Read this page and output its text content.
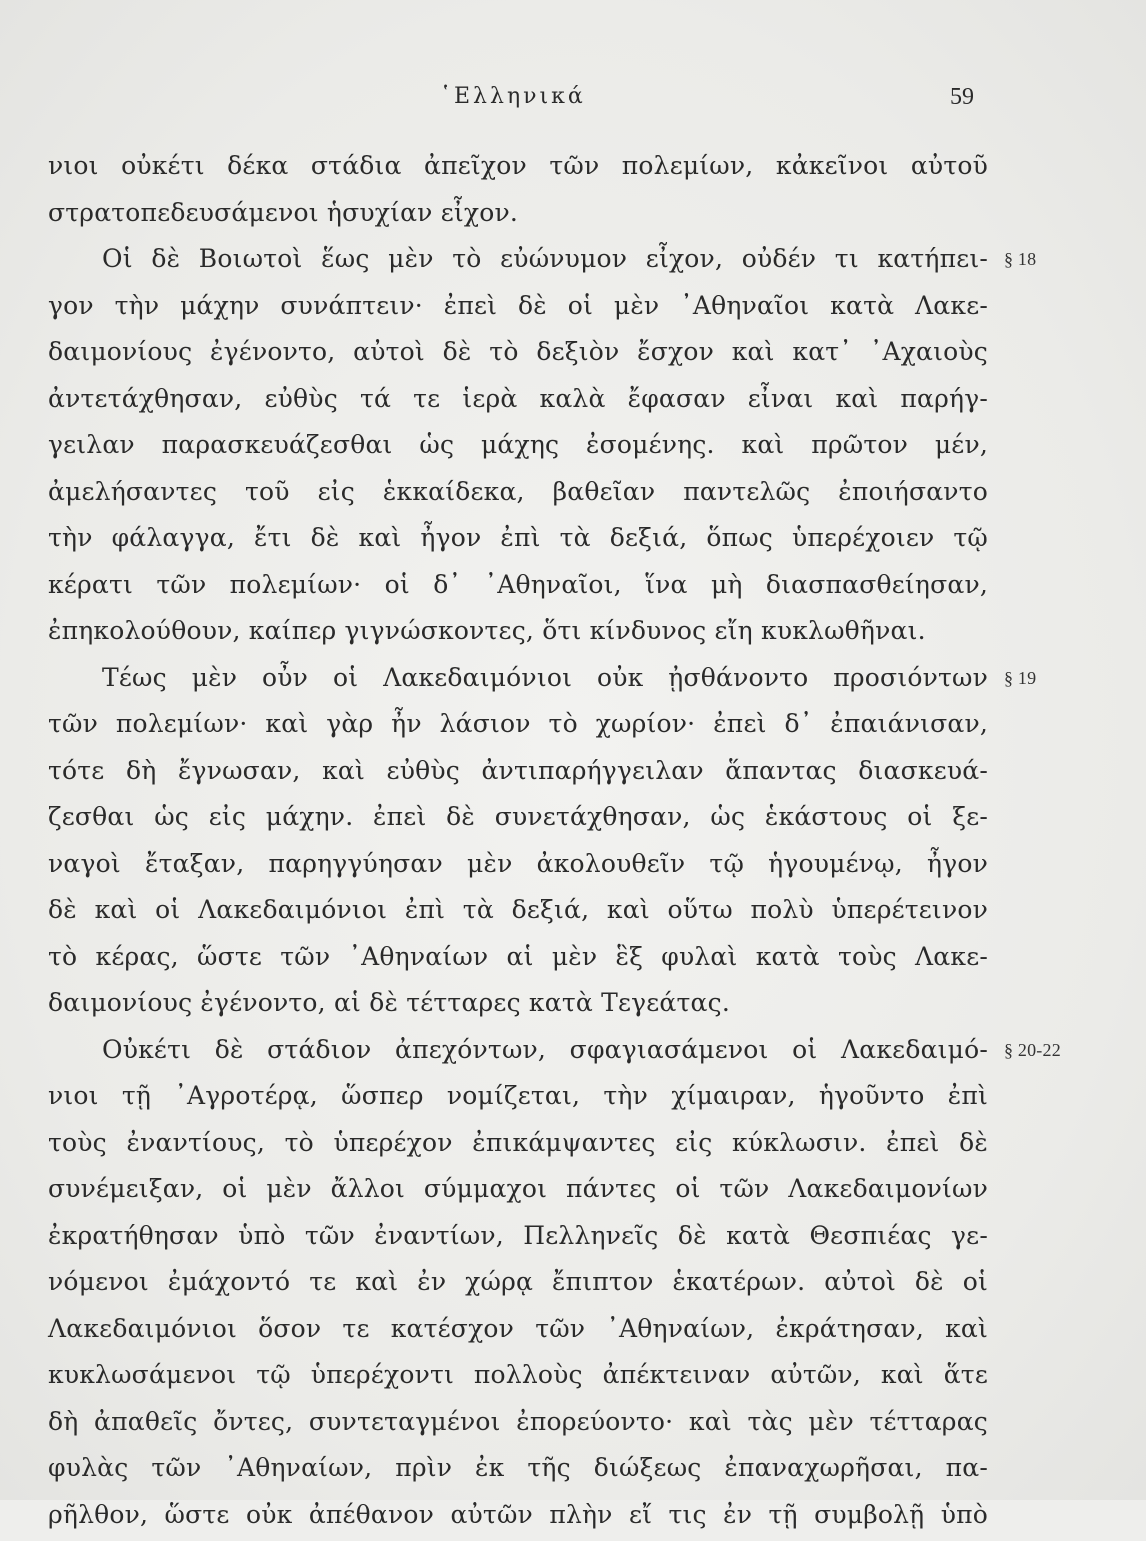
῾Ελληνικά	59
νιοι οὐκέτι δέκα στάδια ἀπεῖχον τῶν πολεμίων, κἀκεῖνοι αὐτοῦ
στρατοπεδευσάμενοι ἡσυχίαν εἶχον.
Οἱ δὲ Βοιωτοὶ ἕως μὲν τὸ εὐώνυμον εἶχον, οὐδέν τι κατήπει- § 18
γον τὴν μάχην συνάπτειν· ἐπεὶ δὲ οἱ μὲν ᾿Αθηναῖοι κατὰ Λακε-
δαιμονίους ἐγένοντο, αὐτοὶ δὲ τὸ δεξιὸν ἔσχον καὶ κατ᾿ ᾿Αχαιοὺς
ἀντετάχθησαν, εὐθὺς τά τε ἱερὰ καλὰ ἔφασαν εἶναι καὶ παρήγ-
γειλαν παρασκευάζεσθαι ὡς μάχης ἐσομένης. καὶ πρῶτον μέν,
ἀμελήσαντες τοῦ εἰς ἑκκαίδεκα, βαθεῖαν παντελῶς ἐποιήσαντο
τὴν φάλαγγα, ἔτι δὲ καὶ ἦγον ἐπὶ τὰ δεξιά, ὅπως ὑπερέχοιεν τῷ
κέρατι τῶν πολεμίων· οἱ δ᾿ ᾿Αθηναῖοι, ἵνα μὴ διασπασθείησαν,
ἐπηκολούθουν, καίπερ γιγνώσκοντες, ὅτι κίνδυνος εἴη κυκλωθῆναι.
Τέως μὲν οὖν οἱ Λακεδαιμόνιοι οὐκ ᾐσθάνοντο προσιόντων § 19
τῶν πολεμίων· καὶ γὰρ ἦν λάσιον τὸ χωρίον· ἐπεὶ δ᾿ ἐπαιάνισαν,
τότε δὴ ἔγνωσαν, καὶ εὐθὺς ἀντιπαρήγγειλαν ἅπαντας διασκευά-
ζεσθαι ὡς εἰς μάχην. ἐπεὶ δὲ συνετάχθησαν, ὡς ἑκάστους οἱ ξε-
ναγοὶ ἔταξαν, παρηγγύησαν μὲν ἀκολουθεῖν τῷ ἡγουμένῳ, ἦγον
δὲ καὶ οἱ Λακεδαιμόνιοι ἐπὶ τὰ δεξιά, καὶ οὕτω πολὺ ὑπερέτεινον
τὸ κέρας, ὥστε τῶν ᾿Αθηναίων αἱ μὲν ἓξ φυλαὶ κατὰ τοὺς Λακε-
δαιμονίους ἐγένοντο, αἱ δὲ τέτταρες κατὰ Τεγεάτας.
Οὐκέτι δὲ στάδιον ἀπεχόντων, σφαγιασάμενοι οἱ Λακεδαιμό- § 20-22
νιοι τῇ ᾿Αγροτέρᾳ, ὥσπερ νομίζεται, τὴν χίμαιραν, ἡγοῦντο ἐπὶ
τοὺς ἐναντίους, τὸ ὑπερέχον ἐπικάμψαντες εἰς κύκλωσιν. ἐπεὶ δὲ
συνέμειξαν, οἱ μὲν ἄλλοι σύμμαχοι πάντες οἱ τῶν Λακεδαιμονίων
ἐκρατήθησαν ὑπὸ τῶν ἐναντίων, Πελληνεῖς δὲ κατὰ Θεσπιέας γε-
νόμενοι ἐμάχοντό τε καὶ ἐν χώρᾳ ἔπιπτον ἑκατέρων. αὐτοὶ δὲ οἱ
Λακεδαιμόνιοι ὅσον τε κατέσχον τῶν ᾿Αθηναίων, ἐκράτησαν, καὶ
κυκλωσάμενοι τῷ ὑπερέχοντι πολλοὺς ἀπέκτειναν αὐτῶν, καὶ ἅτε
δὴ ἀπαθεῖς ὄντες, συντεταγμένοι ἐπορεύοντο· καὶ τὰς μὲν τέτταρας
φυλὰς τῶν ᾿Αθηναίων, πρὶν ἐκ τῆς διώξεως ἐπαναχωρῆσαι, πα-
ρῆλθον, ὥστε οὐκ ἀπέθανον αὐτῶν πλὴν εἴ τις ἐν τῇ συμβολῇ ὑπὸ
